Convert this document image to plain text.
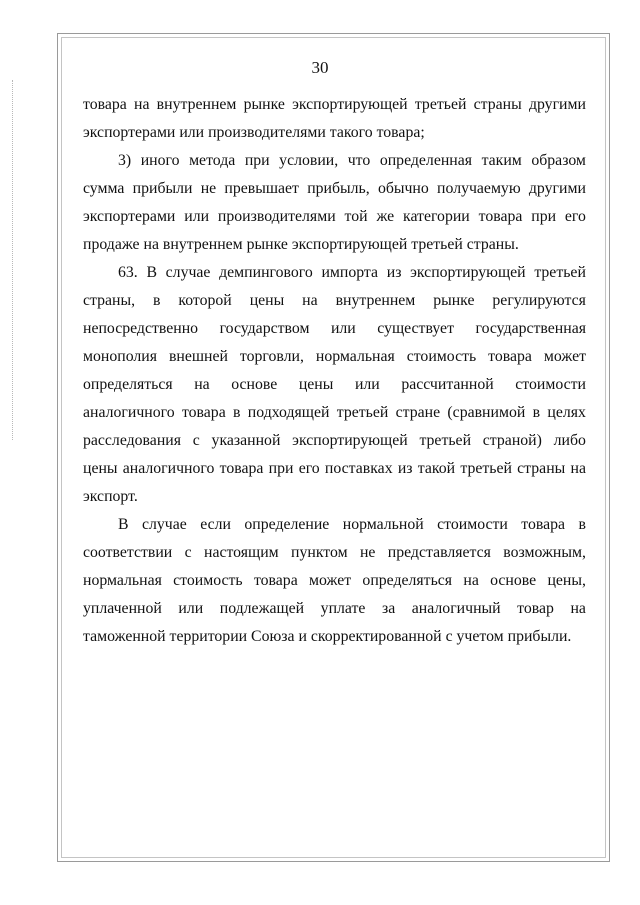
30
товара на внутреннем рынке экспортирующей третьей страны другими
экспортерами или производителями такого товара;
3) иного метода при условии, что определенная таким образом
сумма прибыли не превышает прибыль, обычно получаемую другими
экспортерами или производителями той же категории товара при его
продаже на внутреннем рынке экспортирующей третьей страны.
63. В случае демпингового импорта из экспортирующей третьей
страны, в которой цены на внутреннем рынке регулируются
непосредственно государством или существует государственная
монополия внешней торговли, нормальная стоимость товара может
определяться на основе цены или рассчитанной стоимости
аналогичного товара в подходящей третьей стране (сравнимой в целях
расследования с указанной экспортирующей третьей страной) либо
цены аналогичного товара при его поставках из такой третьей страны на
экспорт.
В случае если определение нормальной стоимости товара в
соответствии с настоящим пунктом не представляется возможным,
нормальная стоимость товара может определяться на основе цены,
уплаченной или подлежащей уплате за аналогичный товар на
таможенной территории Союза и скорректированной с учетом прибыли.
